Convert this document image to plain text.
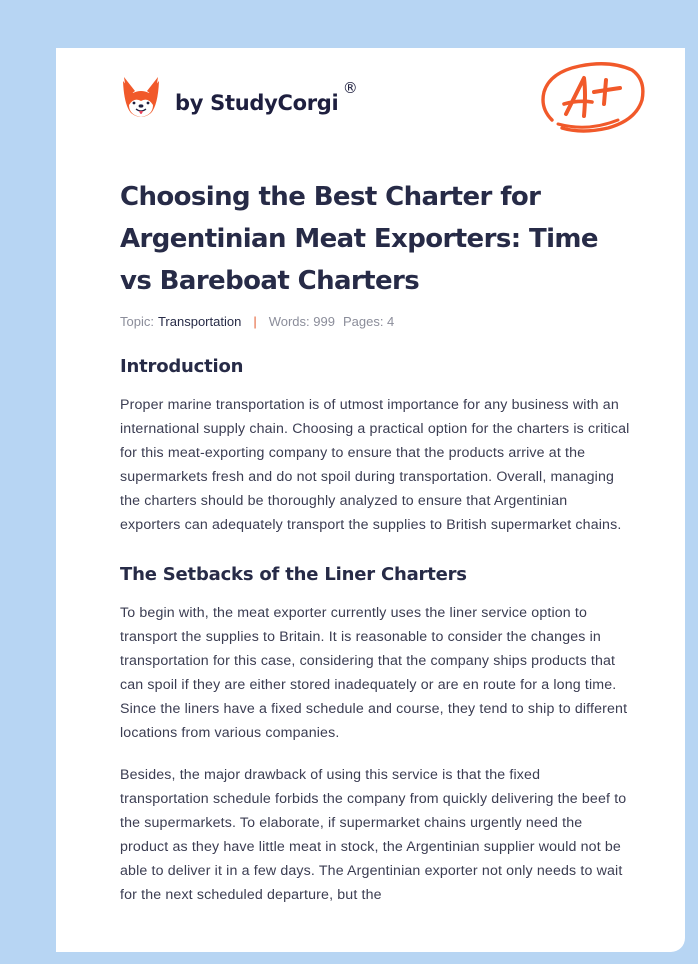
by StudyCorgi
®
Choosing the Best Charter for Argentinian Meat Exporters: Time vs Bareboat Charters
Topic: Transportation | Words: 999 Pages: 4
Introduction

Proper marine transportation is of utmost importance for any business with an international supply chain. Choosing a practical option for the charters is critical for this meat-exporting company to ensure that the products arrive at the supermarkets fresh and do not spoil during transportation. Overall, managing the charters should be thoroughly analyzed to ensure that Argentinian exporters can adequately transport the supplies to British supermarket chains.

The Setbacks of the Liner Charters

To begin with, the meat exporter currently uses the liner service option to transport the supplies to Britain. It is reasonable to consider the changes in transportation for this case, considering that the company ships products that can spoil if they are either stored inadequately or are en route for a long time. Since the liners have a fixed schedule and course, they tend to ship to different locations from various companies.

Besides, the major drawback of using this service is that the fixed transportation schedule forbids the company from quickly delivering the beef to the supermarkets. To elaborate, if supermarket chains urgently need the product as they have little meat in stock, the Argentinian supplier would not be able to deliver it in a few days. The Argentinian exporter not only needs to wait for the next scheduled departure, but the
